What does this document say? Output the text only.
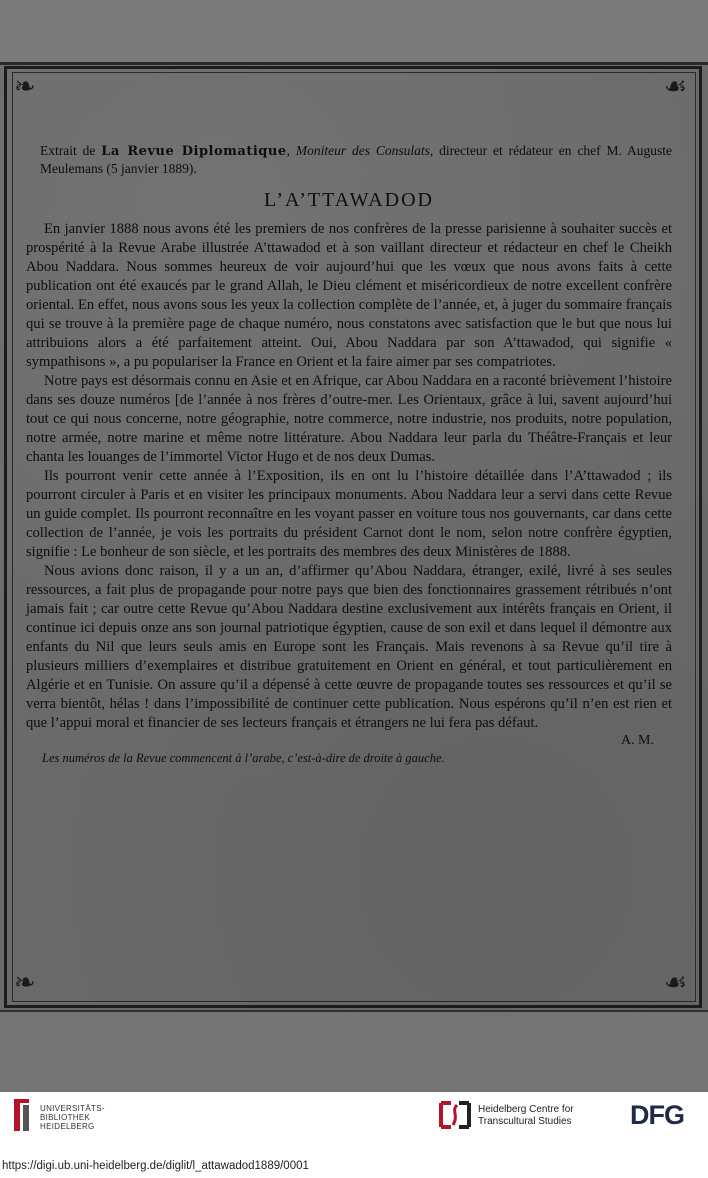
❧	☙
❧	☙

Extrait de La Revue Diplomatique, Moniteur des Consulats, directeur et rédateur en chef M. Auguste Meulemans (5 janvier 1889).

L’A’TTAWADOD

En janvier 1888 nous avons été les premiers de nos confrères de la presse parisienne à souhaiter succès et prospérité à la Revue Arabe illustrée A’ttawadod et à son vaillant directeur et rédacteur en chef le Cheikh Abou Naddara. Nous sommes heureux de voir aujourd’hui que les vœux que nous avons faits à cette publication ont été exaucés par le grand Allah, le Dieu clément et miséricordieux de notre excellent confrère oriental. En effet, nous avons sous les yeux la collection complète de l’année, et, à juger du sommaire français qui se trouve à la première page de chaque numéro, nous constatons avec satisfaction que le but que nous lui attribuions alors a été parfaitement atteint. Oui, Abou Naddara par son A’ttawadod, qui signifie « sympathisons », a pu populariser la France en Orient et la faire aimer par ses compatriotes.

Notre pays est désormais connu en Asie et en Afrique, car Abou Naddara en a raconté brièvement l’histoire dans ses douze numéros [de l’année à nos frères d’outre-mer. Les Orientaux, grâce à lui, savent aujourd’hui tout ce qui nous concerne, notre géographie, notre commerce, notre industrie, nos produits, notre population, notre armée, notre marine et même notre littérature. Abou Naddara leur parla du Théâtre-Français et leur chanta les louanges de l’immortel Victor Hugo et de nos deux Dumas.

Ils pourront venir cette année à l’Exposition, ils en ont lu l’histoire détaillée dans l’A’ttawadod ; ils pourront circuler à Paris et en visiter les principaux monuments. Abou Naddara leur a servi dans cette Revue un guide complet. Ils pourront reconnaître en les voyant passer en voiture tous nos gouvernants, car dans cette collection de l’année, je vois les portraits du président Carnot dont le nom, selon notre confrère égyptien, signifie : Le bonheur de son siècle, et les portraits des membres des deux Ministères de 1888.

Nous avions donc raison, il y a un an, d’affirmer qu’Abou Naddara, étranger, exilé, livré à ses seules ressources, a fait plus de propagande pour notre pays que bien des fonctionnaires grassement rétribués n’ont jamais fait ; car outre cette Revue qu’Abou Naddara destine exclusivement aux intérêts français en Orient, il continue ici depuis onze ans son journal patriotique égyptien, cause de son exil et dans lequel il démontre aux enfants du Nil que leurs seuls amis en Europe sont les Français. Mais revenons à sa Revue qu’il tire à plusieurs milliers d’exemplaires et distribue gratuitement en Orient en général, et tout particulièrement en Algérie et en Tunisie. On assure qu’il a dépensé à cette œuvre de propagande toutes ses ressources et qu’il se verra bientôt, hélas ! dans l’impossibilité de continuer cette publication. Nous espérons qu’il n’en est rien et que l’appui moral et financier de ses lecteurs français et étrangers ne lui fera pas défaut.

A. M.

Les numéros de la Revue commencent à l’arabe, c’est-à-dire de droite à gauche.

UNIVERSITÄTS-
BIBLIOTHEK
HEIDELBERG
Heidelberg Centre for
Transcultural Studies DFG
https://digi.ub.uni-heidelberg.de/diglit/l_attawadod1889/0001
